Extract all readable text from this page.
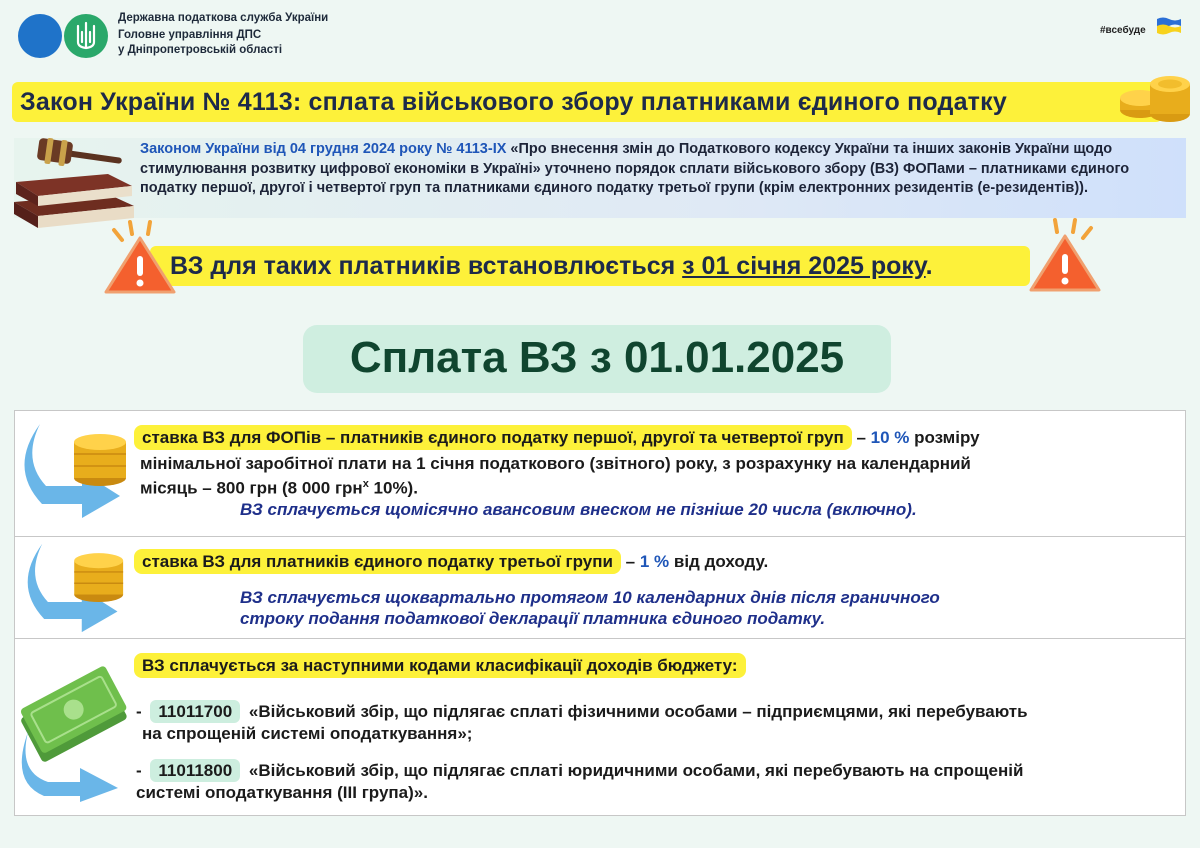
Державна податкова служба України
Головне управління ДПС
у Дніпропетровській області
#всебуде
Закон України № 4113: сплата військового збору платниками єдиного податку
Законом України від 04 грудня 2024 року № 4113-IX «Про внесення змін до Податкового кодексу України та інших законів України щодо стимулювання розвитку цифрової економіки в Україні» уточнено порядок сплати військового збору (ВЗ) ФОПами – платниками єдиного податку першої, другої і четвертої груп та платниками єдиного податку третьої групи (крім електронних резидентів (е-резидентів)).
ВЗ для таких платників встановлюється з 01 січня 2025 року.
Сплата ВЗ з 01.01.2025
ставка ВЗ для ФОПів – платників єдиного податку першої, другої та четвертої груп – 10 % розміру
мінімальної заробітної плати на 1 січня податкового (звітного) року, з розрахунку на календарний
місяць – 800 грн (8 000 грн$^x$ 10%).
ВЗ сплачується щомісячно авансовим внеском не пізніше 20 числа (включно).
ставка ВЗ для платників єдиного податку третьої групи – 1 % від доходу.
ВЗ сплачується щоквартально протягом 10 календарних днів після граничного
строку подання податкової декларації платника єдиного податку.
ВЗ сплачується за наступними кодами класифікації доходів бюджету:
- 11011700 «Військовий збір, що підлягає сплаті фізичними особами – підприємцями, які перебувають
на спрощеній системі оподаткування»;
- 11011800 «Військовий збір, що підлягає сплаті юридичними особами, які перебувають на спрощеній
системі оподаткування (ІІІ група)».
